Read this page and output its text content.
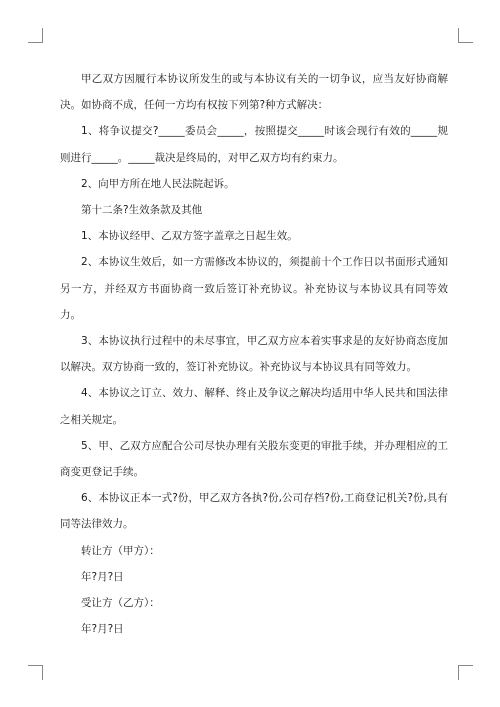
甲乙双方因履行本协议所发生的或与本协议有关的一切争议，应当友好协商解决。如协商不成，任何一方均有权按下列第?种方式解决：

1、将争议提交?_____委员会_____，按照提交_____时该会现行有效的_____规则进行_____。_____裁决是终局的，对甲乙双方均有约束力。

2、向甲方所在地人民法院起诉。

第十二条?生效条款及其他

1、本协议经甲、乙双方签字盖章之日起生效。

2、本协议生效后，如一方需修改本协议的，须提前十个工作日以书面形式通知另一方，并经双方书面协商一致后签订补充协议。补充协议与本协议具有同等效力。

3、本协议执行过程中的未尽事宜，甲乙双方应本着实事求是的友好协商态度加以解决。双方协商一致的，签订补充协议。补充协议与本协议具有同等效力。

4、本协议之订立、效力、解释、终止及争议之解决均适用中华人民共和国法律之相关规定。

5、甲、乙双方应配合公司尽快办理有关股东变更的审批手续，并办理相应的工商变更登记手续。

6、本协议正本一式?份，甲乙双方各执?份,公司存档?份,工商登记机关?份,具有同等法律效力。

转让方（甲方）：

年?月?日

受让方（乙方）：

年?月?日
